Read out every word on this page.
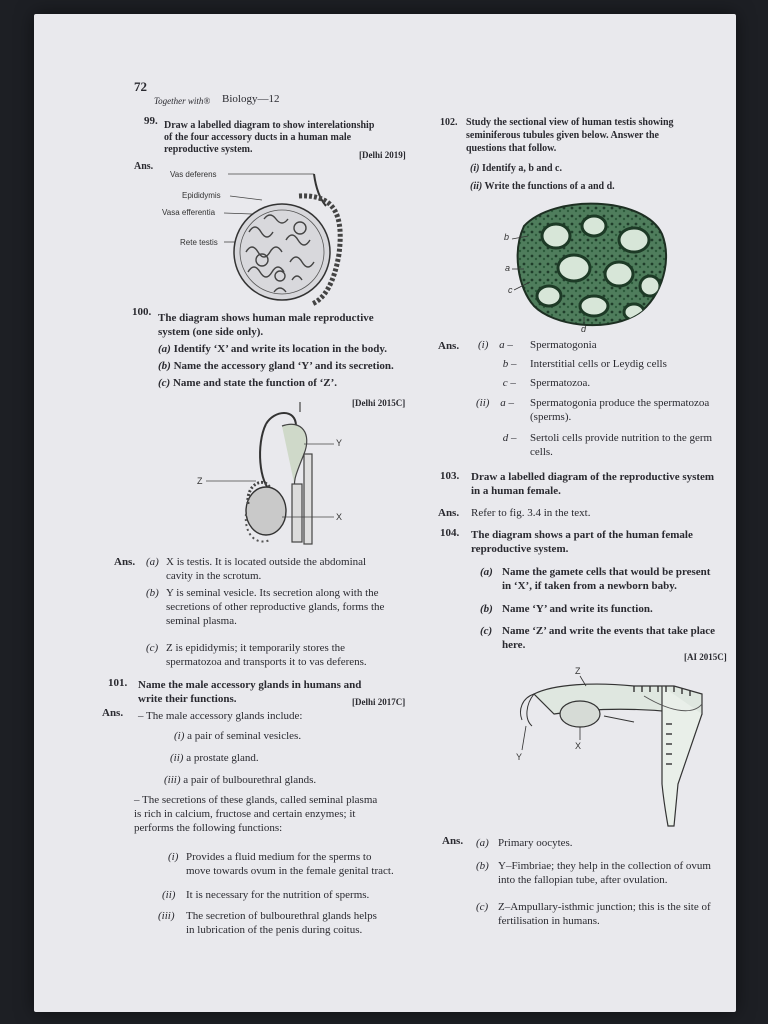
72
Together with® Biology—12
99. Draw a labelled diagram to show interelationship
of the four accessory ducts in a human male
reproductive system.	[Delhi 2019]
Ans.
Vas deferens
Epididymis
Vasa efferentia
Rete testis
100. The diagram shows human male reproductive
system (one side only).
(a) Identify ‘X’ and write its location in the body.
(b) Name the accessory gland ‘Y’ and its secretion.
(c) Name and state the function of ‘Z’.
[Delhi 2015C]
Y
Z
X
Ans. (a) X is testis. It is located outside the abdominal
cavity in the scrotum.
(b) Y is seminal vesicle. Its secretion along with the
secretions of other reproductive glands, forms the
seminal plasma.
(c) Z is epididymis; it temporarily stores the
spermatozoa and transports it to vas deferens.
101. Name the male accessory glands in humans and
write their functions.	[Delhi 2017C]
Ans. – The male accessory glands include:
(i) a pair of seminal vesicles.
(ii) a prostate gland.
(iii) a pair of bulbourethral glands.
– The secretions of these glands, called seminal plasma
is rich in calcium, fructose and certain enzymes; it
performs the following functions:
(i) Provides a fluid medium for the sperms to
move towards ovum in the female genital tract.
(ii) It is necessary for the nutrition of sperms.
(iii) The secretion of bulbourethral glands helps
in lubrication of the penis during coitus.
102. Study the sectional view of human testis showing
seminiferous tubules given below. Answer the
questions that follow.
(i) Identify a, b and c.
(ii) Write the functions of a and d.
b
a
c
d
Ans. (i) a – Spermatogonia
b – Interstitial cells or Leydig cells
c – Spermatozoa.
(ii) a – Spermatogonia produce the spermatozoa
(sperms).
d – Sertoli cells provide nutrition to the germ
cells.
103. Draw a labelled diagram of the reproductive system
in a human female.
Ans. Refer to fig. 3.4 in the text.
104. The diagram shows a part of the human female
reproductive system.
(a) Name the gamete cells that would be present
in ‘X’, if taken from a newborn baby.
(b) Name ‘Y’ and write its function.
(c) Name ‘Z’ and write the events that take place
here.
[AI 2015C]
Z
X
Y
Ans. (a) Primary oocytes.
(b) Y–Fimbriae; they help in the collection of ovum
into the fallopian tube, after ovulation.
(c) Z–Ampullary-isthmic junction; this is the site of
fertilisation in humans.
